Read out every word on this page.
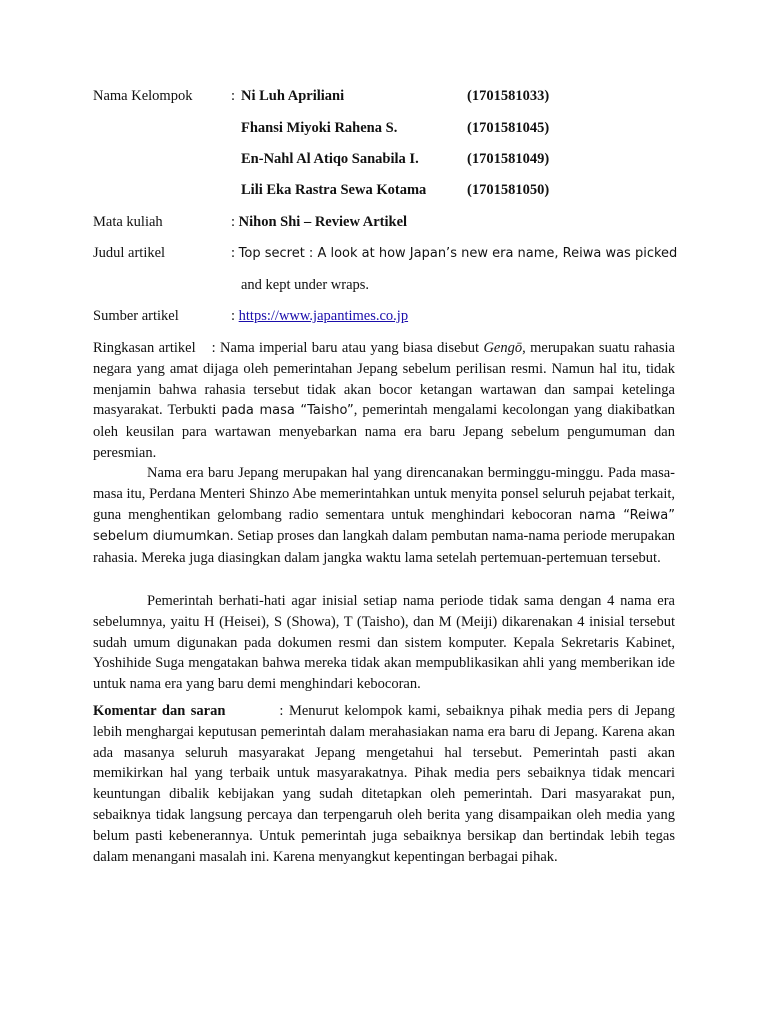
Nama Kelompok	: Ni Luh Apriliani	(1701581033)
Fhansi Miyoki Rahena S.	(1701581045)
En-Nahl Al Atiqo Sanabila I.	(1701581049)
Lili Eka Rastra Sewa Kotama	(1701581050)
Mata kuliah	: Nihon Shi – Review Artikel
Judul artikel	: Top secret : A look at how Japan’s new era name, Reiwa was picked
and kept under wraps.
Sumber artikel	: https://www.japantimes.co.jp
Ringkasan artikel : Nama imperial baru atau yang biasa disebut Gengō, merupakan suatu rahasia negara yang amat dijaga oleh pemerintahan Jepang sebelum perilisan resmi. Namun hal itu, tidak menjamin bahwa rahasia tersebut tidak akan bocor ketangan wartawan dan sampai ketelinga masyarakat. Terbukti pada masa “Taisho”, pemerintah mengalami kecolongan yang diakibatkan oleh keusilan para wartawan menyebarkan nama era baru Jepang sebelum pengumuman dan peresmian.
Nama era baru Jepang merupakan hal yang direncanakan berminggu-minggu. Pada masa-masa itu, Perdana Menteri Shinzo Abe memerintahkan untuk menyita ponsel seluruh pejabat terkait, guna menghentikan gelombang radio sementara untuk menghindari kebocoran nama “Reiwa” sebelum diumumkan. Setiap proses dan langkah dalam pembutan nama-nama periode merupakan rahasia. Mereka juga diasingkan dalam jangka waktu lama setelah pertemuan-pertemuan tersebut.
Pemerintah berhati-hati agar inisial setiap nama periode tidak sama dengan 4 nama era sebelumnya, yaitu H (Heisei), S (Showa), T (Taisho), dan M (Meiji) dikarenakan 4 inisial tersebut sudah umum digunakan pada dokumen resmi dan sistem komputer. Kepala Sekretaris Kabinet, Yoshihide Suga mengatakan bahwa mereka tidak akan mempublikasikan ahli yang memberikan ide untuk nama era yang baru demi menghindari kebocoran.
Komentar dan saran	: Menurut kelompok kami, sebaiknya pihak media pers di Jepang lebih menghargai keputusan pemerintah dalam merahasiakan nama era baru di Jepang. Karena akan ada masanya seluruh masyarakat Jepang mengetahui hal tersebut. Pemerintah pasti akan memikirkan hal yang terbaik untuk masyarakatnya. Pihak media pers sebaiknya tidak mencari keuntungan dibalik kebijakan yang sudah ditetapkan oleh pemerintah. Dari masyarakat pun, sebaiknya tidak langsung percaya dan terpengaruh oleh berita yang disampaikan oleh media yang belum pasti kebenerannya. Untuk pemerintah juga sebaiknya bersikap dan bertindak lebih tegas dalam menangani masalah ini. Karena menyangkut kepentingan berbagai pihak.
